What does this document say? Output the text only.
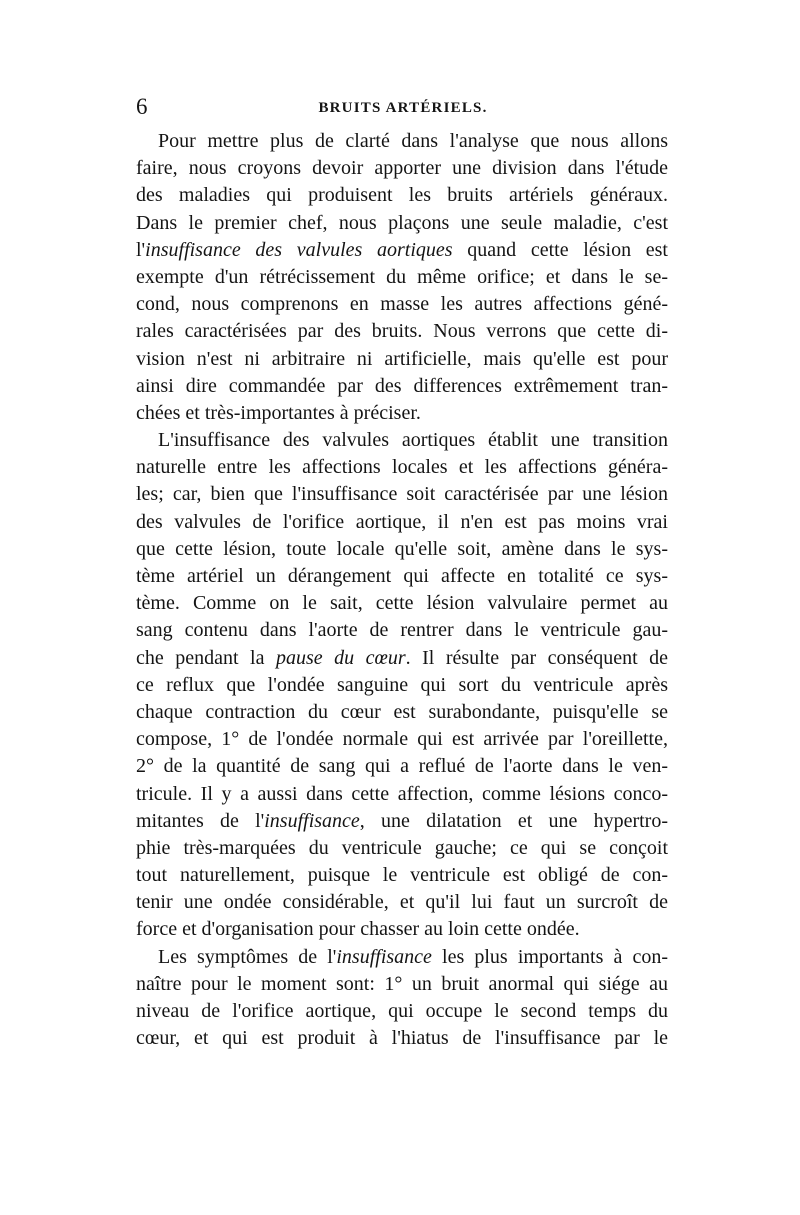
6	BRUITS ARTÉRIELS.
Pour mettre plus de clarté dans l'analyse que nous allons
faire, nous croyons devoir apporter une division dans l'étude
des maladies qui produisent les bruits artériels généraux.
Dans le premier chef, nous plaçons une seule maladie, c'est
l'insuffisance des valvules aortiques quand cette lésion est
exempte d'un rétrécissement du même orifice; et dans le se-
cond, nous comprenons en masse les autres affections géné-
rales caractérisées par des bruits. Nous verrons que cette di-
vision n'est ni arbitraire ni artificielle, mais qu'elle est pour
ainsi dire commandée par des differences extrêmement tran-
chées et très-importantes à préciser.
L'insuffisance des valvules aortiques établit une transition
naturelle entre les affections locales et les affections généra-
les; car, bien que l'insuffisance soit caractérisée par une lésion
des valvules de l'orifice aortique, il n'en est pas moins vrai
que cette lésion, toute locale qu'elle soit, amène dans le sys-
tème artériel un dérangement qui affecte en totalité ce sys-
tème. Comme on le sait, cette lésion valvulaire permet au
sang contenu dans l'aorte de rentrer dans le ventricule gau-
che pendant la pause du cœur. Il résulte par conséquent de
ce reflux que l'ondée sanguine qui sort du ventricule après
chaque contraction du cœur est surabondante, puisqu'elle se
compose, 1° de l'ondée normale qui est arrivée par l'oreillette,
2° de la quantité de sang qui a reflué de l'aorte dans le ven-
tricule. Il y a aussi dans cette affection, comme lésions conco-
mitantes de l'insuffisance, une dilatation et une hypertro-
phie très-marquées du ventricule gauche; ce qui se conçoit
tout naturellement, puisque le ventricule est obligé de con-
tenir une ondée considérable, et qu'il lui faut un surcroît de
force et d'organisation pour chasser au loin cette ondée.
Les symptômes de l'insuffisance les plus importants à con-
naître pour le moment sont: 1° un bruit anormal qui siége au
niveau de l'orifice aortique, qui occupe le second temps du
cœur, et qui est produit à l'hiatus de l'insuffisance par le
